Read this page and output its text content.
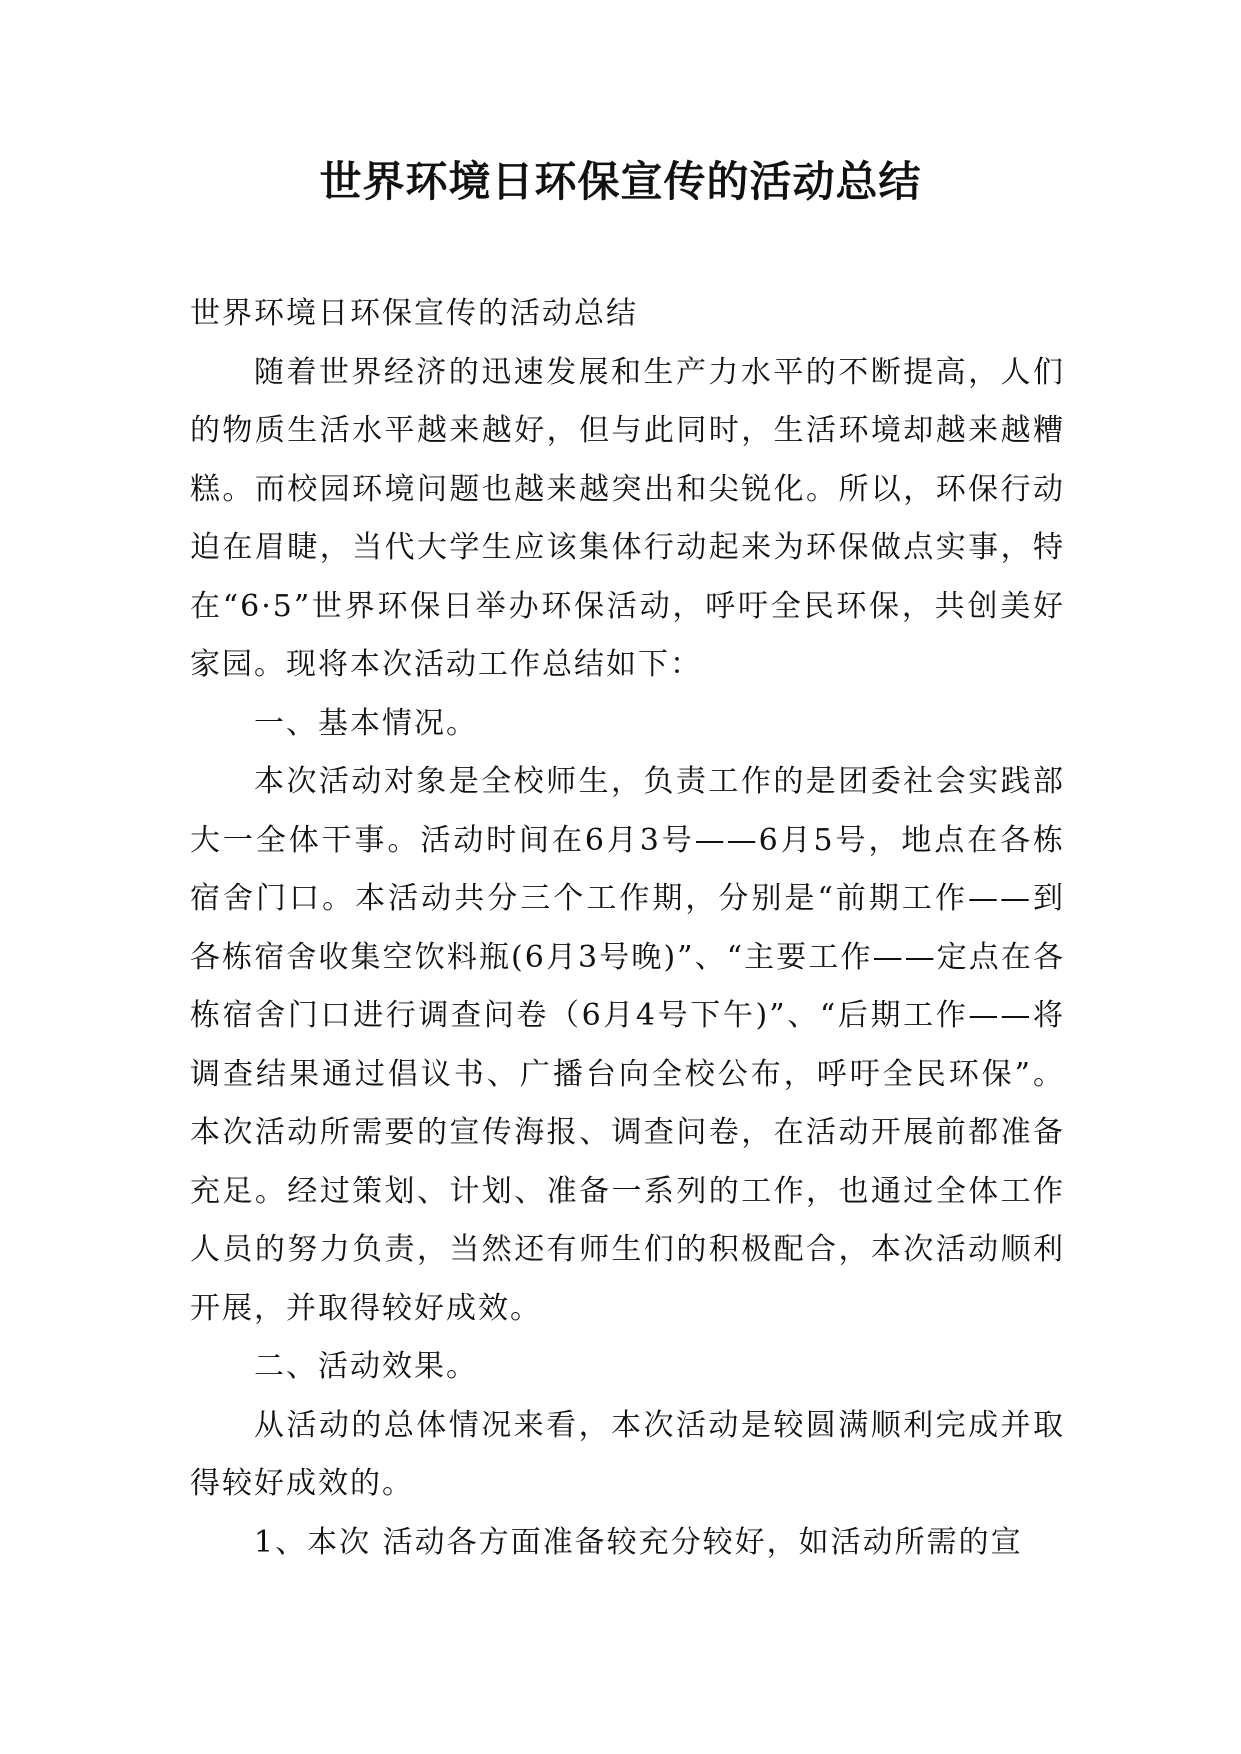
世界环境日环保宣传的活动总结

世界环境日环保宣传的活动总结

随着世界经济的迅速发展和生产力水平的不断提高，人们的物质生活水平越来越好，但与此同时，生活环境却越来越糟糕。而校园环境问题也越来越突出和尖锐化。所以，环保行动迫在眉睫，当代大学生应该集体行动起来为环保做点实事，特在“6·5”世界环保日举办环保活动，呼吁全民环保，共创美好家园。现将本次活动工作总结如下：

一、基本情况。

本次活动对象是全校师生，负责工作的是团委社会实践部大一全体干事。活动时间在6月3号——6月5号，地点在各栋宿舍门口。本活动共分三个工作期，分别是“前期工作——到各栋宿舍收集空饮料瓶(6月3号晚)”、“主要工作——定点在各栋宿舍门口进行调查问卷（6月4号下午)”、“后期工作——将调查结果通过倡议书、广播台向全校公布，呼吁全民环保”。本次活动所需要的宣传海报、调查问卷，在活动开展前都准备充足。经过策划、计划、准备一系列的工作，也通过全体工作人员的努力负责，当然还有师生们的积极配合，本次活动顺利开展，并取得较好成效。

二、活动效果。

从活动的总体情况来看，本次活动是较圆满顺利完成并取得较好成效的。

1、本次 活动各方面准备较充分较好，如活动所需的宣
